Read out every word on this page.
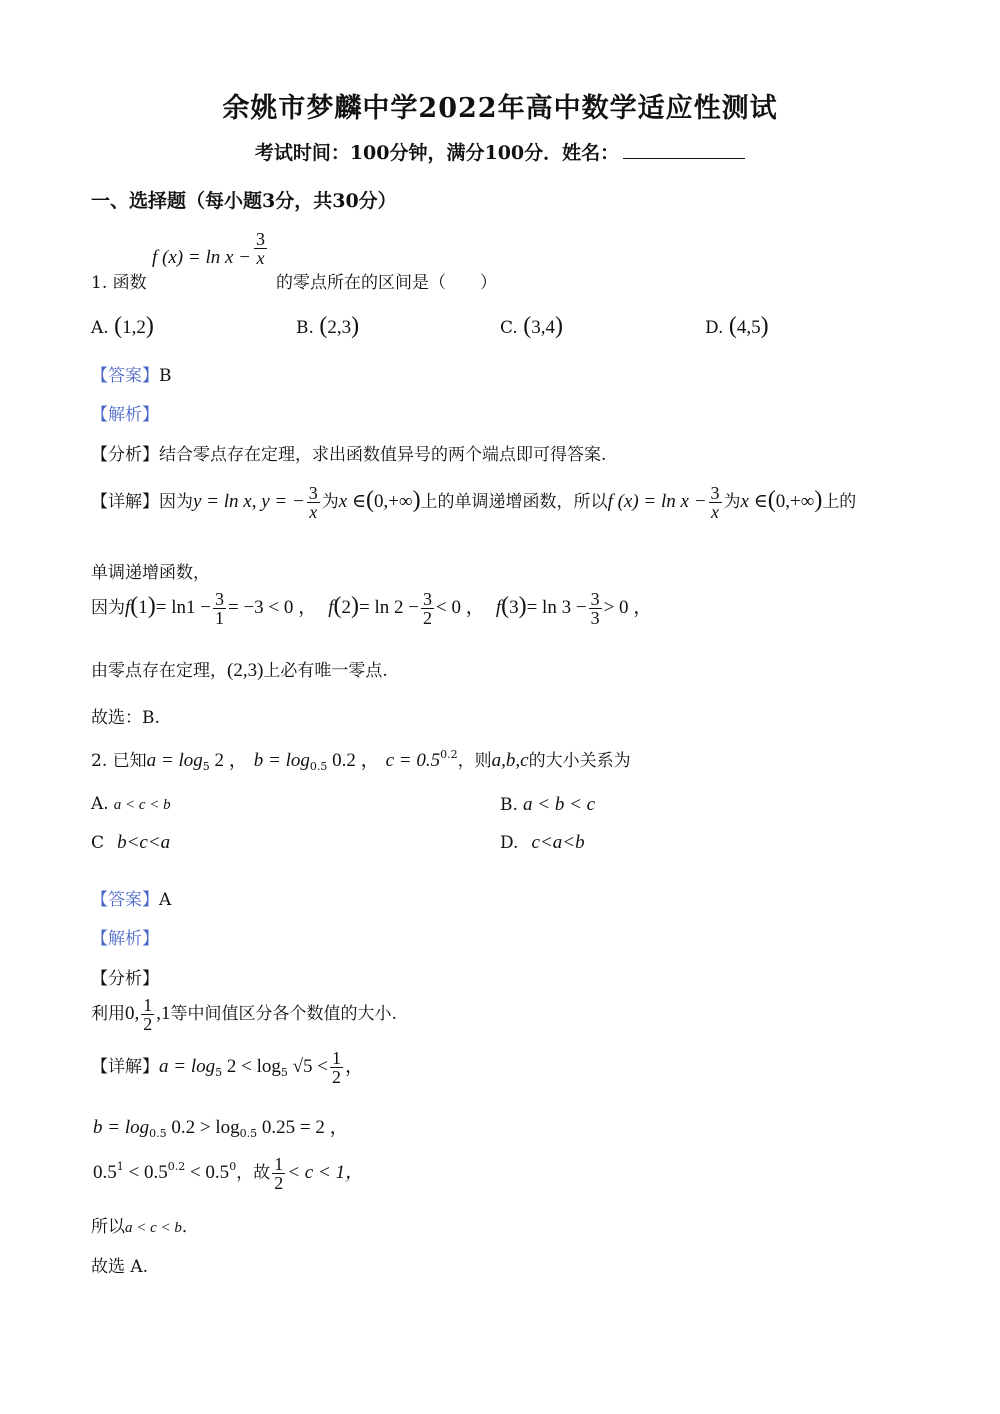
余姚市梦麟中学2022年高中数学适应性测试
考试时间：100分钟，满分100分．姓名：
一、选择题（每小题3分，共30分）
f $(x) = \ln x - \frac{3}{x}$
1. 函数	的零点所在的区间是（　　）
A. (1,2)	B. (2,3)	C. (3,4)	D. (4,5)
【答案】B
【解析】
【分析】结合零点存在定理，求出函数值异号的两个端点即可得答案.
【详解】因为y = ln x, y = − $\frac{3}{x}$ 为x ∈(0,+∞)上的单调递增函数，所以f $(x) = \ln x - \frac{3}{x}$ 为x ∈(0,+∞)上的
单调递增函数，
因为$f(1)= \ln 1 - \frac{3}{1} = -3 < 0$ ， $f(2)= \ln 2 - \frac{3}{2} < 0$ ， $f(3)= \ln 3 - \frac{3}{3} > 0$ ，
由零点存在定理，(2,3)上必有唯一零点.
故选：B.
2. 已知$a = \log_5 2$ ， $b = \log_{0.5} 0.2$ ， $c = 0.5^{0.2}$，则a,b,c的大小关系为
A. a < c < b	B. a < b < c
C b<c<a	D. c<a<b
【答案】A
【解析】
【分析】
利用0, $\frac{1}{2} ,1$等中间值区分各个数值的大小.
【详解】$a = \log_5 2 < \log_5 √5 < \frac{1}{2}$ ，
$b = \log_{0.5} 0.2 > \log_{0.5} 0.25 = 2$ ，
$0.5^1 < 0.5^{0.2} < 0.5^0$，故 $\frac{1}{2} < c < 1$，
所以a < c < b．
故选 A.
